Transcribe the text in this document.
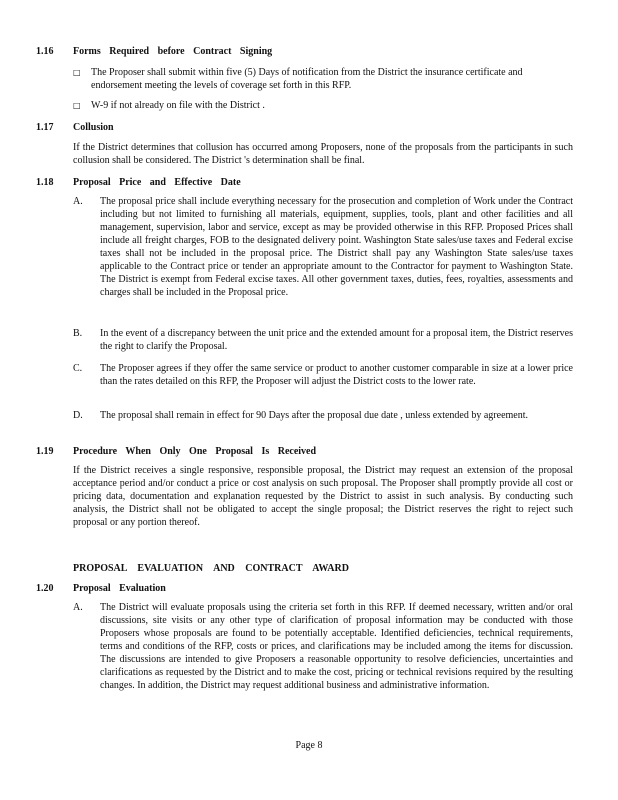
1.16 Forms Required before Contract Signing
□ The Proposer shall submit within five (5) Days of notification from the District the insurance certificate and endorsement meeting the levels of coverage set forth in this RFP.
□ W-9 if not already on file with the District .
1.17 Collusion
If the District determines that collusion has occurred among Proposers, none of the proposals from the participants in such collusion shall be considered. The District 's determination shall be final.
1.18 Proposal Price and Effective Date
A. The proposal price shall include everything necessary for the prosecution and completion of Work under the Contract including but not limited to furnishing all materials, equipment, supplies, tools, plant and other facilities and all management, supervision, labor and service, except as may be provided otherwise in this RFP. Proposed Prices shall include all freight charges, FOB to the designated delivery point. Washington State sales/use taxes and Federal excise taxes shall not be included in the proposal price. The District shall pay any Washington State sales/use taxes applicable to the Contract price or tender an appropriate amount to the Contractor for payment to Washington State. The District is exempt from Federal excise taxes. All other government taxes, duties, fees, royalties, assessments and charges shall be included in the Proposal price.
B. In the event of a discrepancy between the unit price and the extended amount for a proposal item, the District reserves the right to clarify the Proposal.
C. The Proposer agrees if they offer the same service or product to another customer comparable in size at a lower price than the rates detailed on this RFP, the Proposer will adjust the District costs to the lower rate.
D. The proposal shall remain in effect for 90 Days after the proposal due date , unless extended by agreement.
1.19 Procedure When Only One Proposal Is Received
If the District receives a single responsive, responsible proposal, the District may request an extension of the proposal acceptance period and/or conduct a price or cost analysis on such proposal. The Proposer shall promptly provide all cost or pricing data, documentation and explanation requested by the District to assist in such analysis. By conducting such analysis, the District shall not be obligated to accept the single proposal; the District reserves the right to reject such proposal or any portion thereof.
PROPOSAL EVALUATION AND CONTRACT AWARD
1.20 Proposal Evaluation
A. The District will evaluate proposals using the criteria set forth in this RFP. If deemed necessary, written and/or oral discussions, site visits or any other type of clarification of proposal information may be conducted with those Proposers whose proposals are found to be potentially acceptable. Identified deficiencies, technical requirements, terms and conditions of the RFP, costs or prices, and clarifications may be included among the items for discussion. The discussions are intended to give Proposers a reasonable opportunity to resolve deficiencies, uncertainties and clarifications as requested by the District and to make the cost, pricing or technical revisions required by the resulting changes. In addition, the District may request additional business and administrative information.
Page 8
